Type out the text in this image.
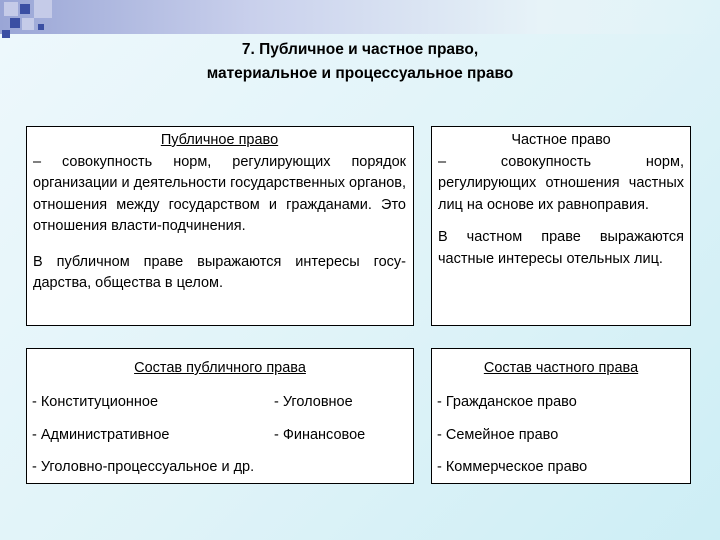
7. Публичное и частное право,
материальное и процессуальное право
Публичное право
– совокупность норм, регулирующих порядок организации и деятельности государственных органов, отношения между государством и гражданами. Это отношения власти-подчинения.
В публичном праве выражаются интересы госу-дарства, общества в целом.
Частное право
– совокупность норм, регулирующих отношения частных лиц на основе их равноправия.
В частном праве выражаются частные интересы отельных лиц.
Состав публичного права
- Конституционное	- Уголовное
- Административное	- Финансовое
- Уголовно-процессуальное и др.
Состав частного права
- Гражданское право
- Семейное право
- Коммерческое право
